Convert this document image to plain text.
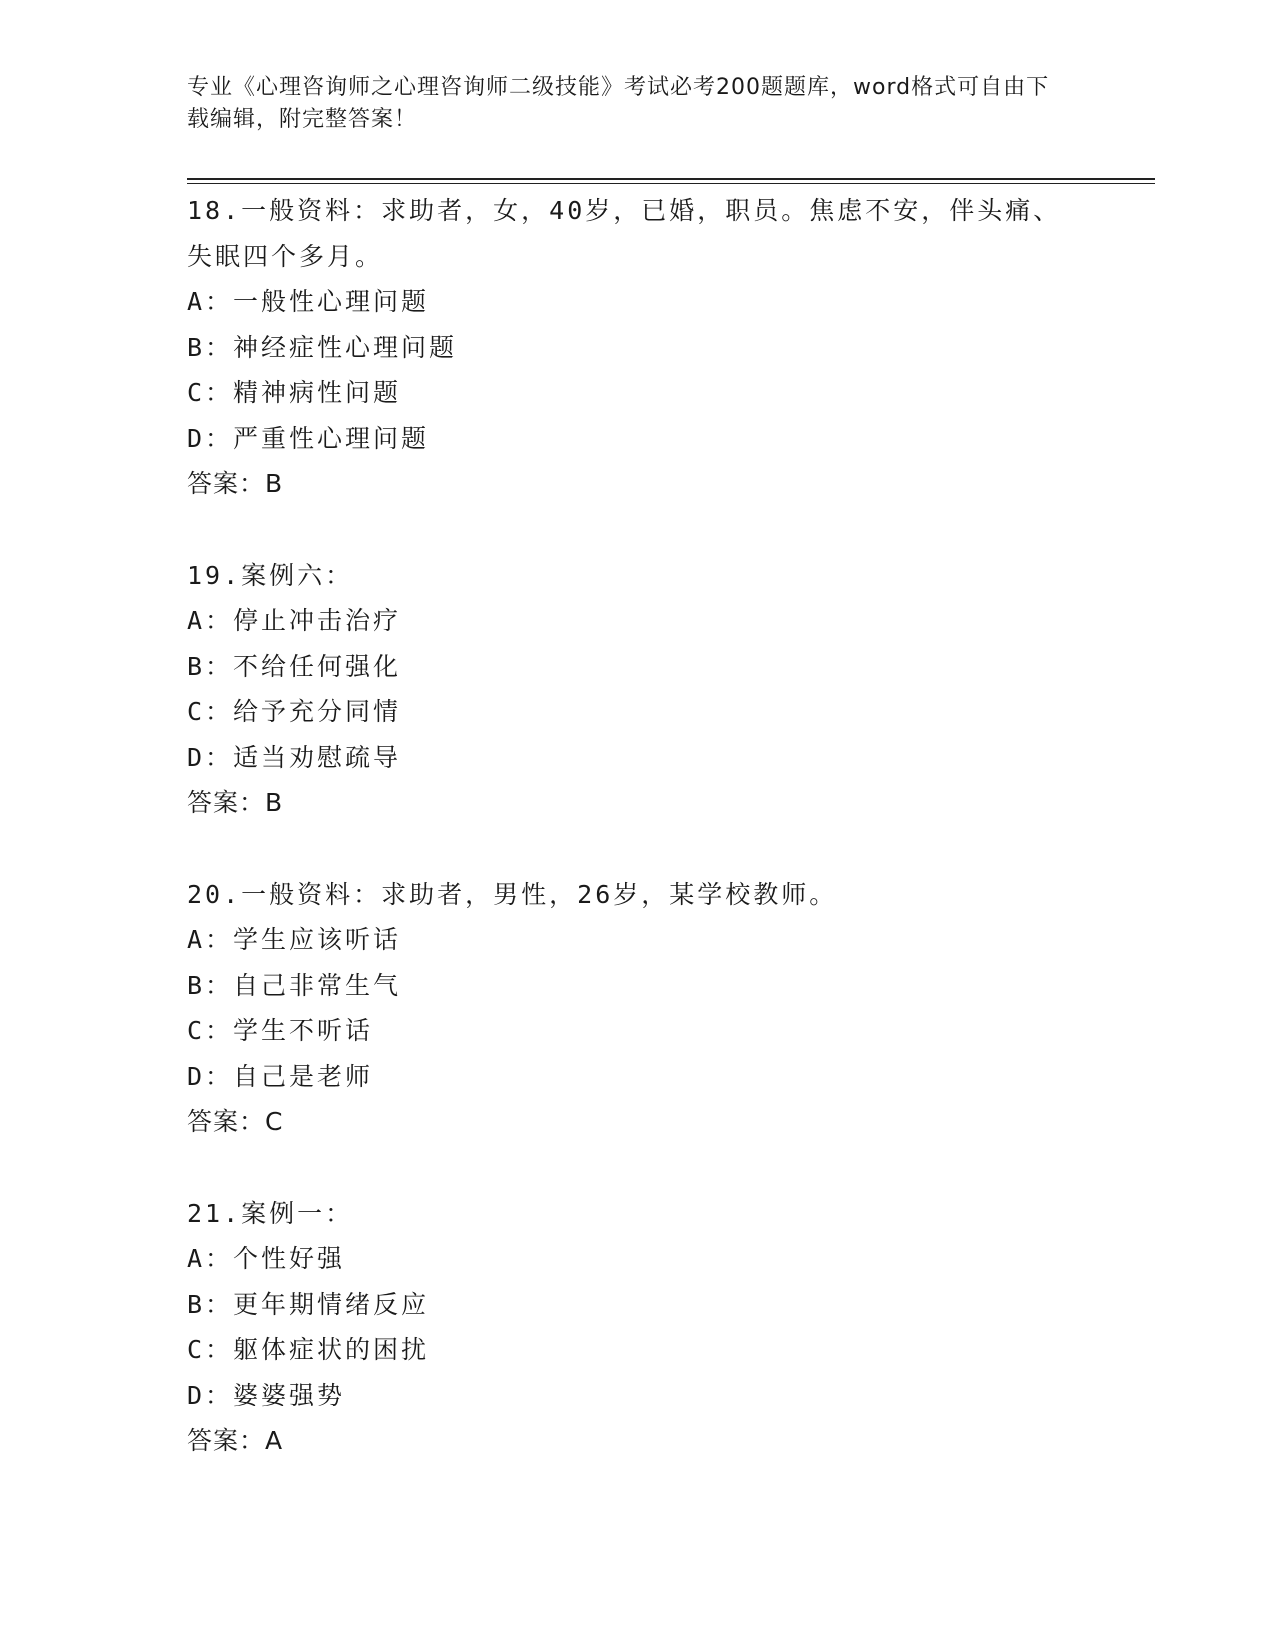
专业《心理咨询师之心理咨询师二级技能》考试必考200题题库，word格式可自由下载编辑，附完整答案！
18.一般资料：求助者，女，40岁，已婚，职员。焦虑不安，伴头痛、失眠四个多月。
A：一般性心理问题
B：神经症性心理问题
C：精神病性问题
D：严重性心理问题
答案：B
19.案例六：
A：停止冲击治疗
B：不给任何强化
C：给予充分同情
D：适当劝慰疏导
答案：B
20.一般资料：求助者，男性，26岁，某学校教师。
A：学生应该听话
B：自己非常生气
C：学生不听话
D：自己是老师
答案：C
21.案例一：
A：个性好强
B：更年期情绪反应
C：躯体症状的困扰
D：婆婆强势
答案：A
